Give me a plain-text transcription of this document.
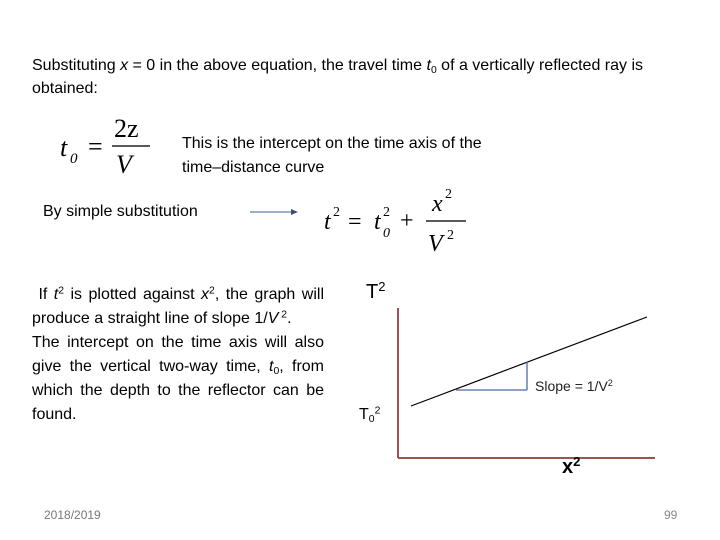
Substituting x = 0 in the above equation, the travel time $t_0$ of a vertically reflected ray is obtained:
t 0 =
2z
V
This is the intercept on the time axis of the time–distance curve
By simple substitution	t 2 = t 2
0 +
x 2
V 2

If $t^2$ is plotted against $x^2$, the graph will produce a straight line of slope 1/V $^2$.

The intercept on the time axis will also give the vertical two-way time, $t_0$, from which the depth to the reflector can be found.

$T^2$
$T_0^2$
Slope = $1/V^2$
$x^2$
2018/2019	99
